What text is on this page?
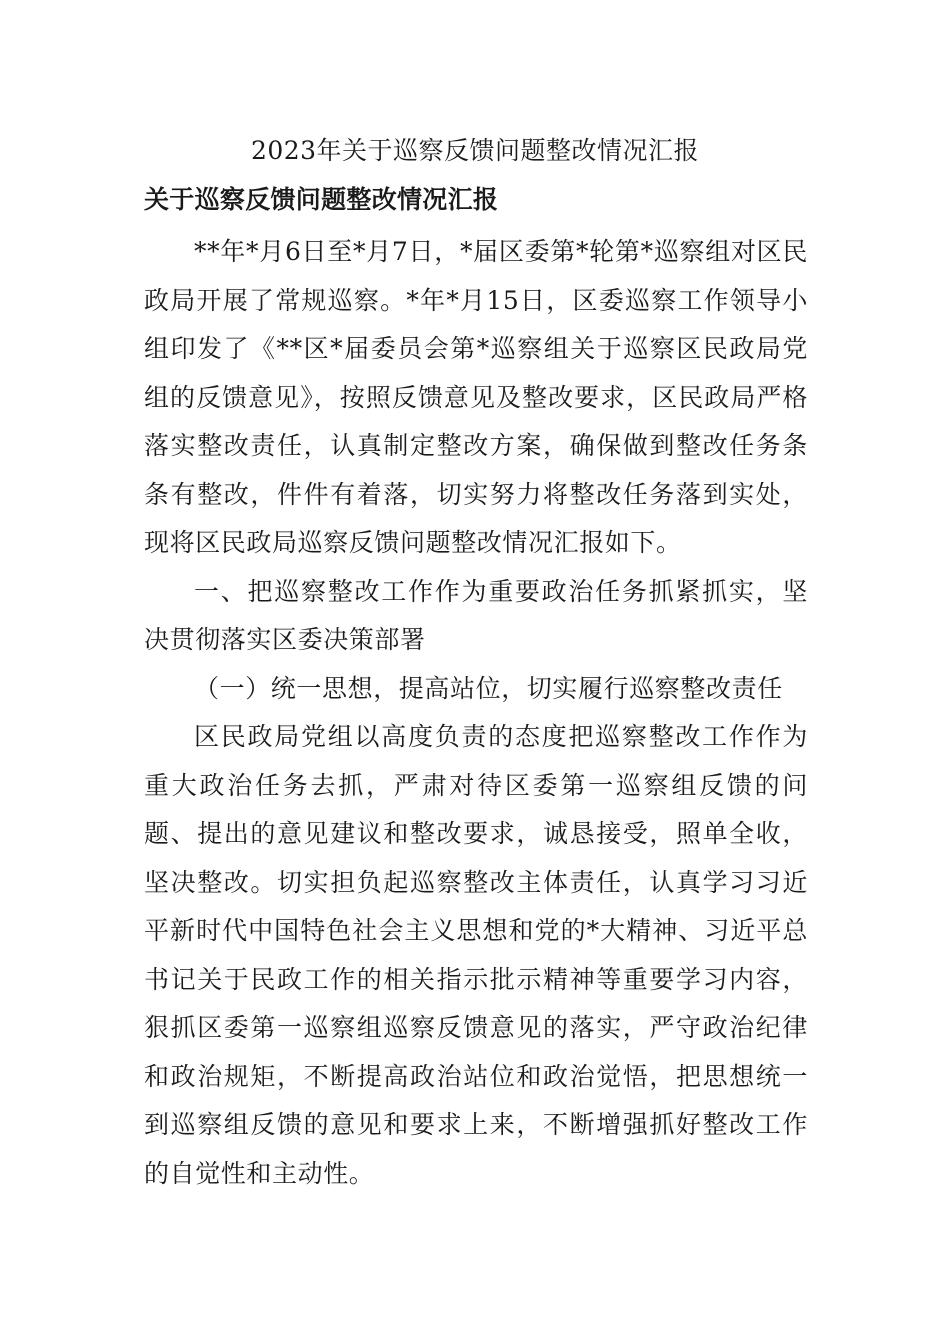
2023年关于巡察反馈问题整改情况汇报
关于巡察反馈问题整改情况汇报

**年*月6日至*月7日，*届区委第*轮第*巡察组对区民政局开展了常规巡察。*年*月15日，区委巡察工作领导小组印发了《**区*届委员会第*巡察组关于巡察区民政局党组的反馈意见》，按照反馈意见及整改要求，区民政局严格落实整改责任，认真制定整改方案，确保做到整改任务条条有整改，件件有着落，切实努力将整改任务落到实处，现将区民政局巡察反馈问题整改情况汇报如下。

一、把巡察整改工作作为重要政治任务抓紧抓实，坚决贯彻落实区委决策部署

（一）统一思想，提高站位，切实履行巡察整改责任

区民政局党组以高度负责的态度把巡察整改工作作为重大政治任务去抓，严肃对待区委第一巡察组反馈的问题、提出的意见建议和整改要求，诚恳接受，照单全收，坚决整改。切实担负起巡察整改主体责任，认真学习习近平新时代中国特色社会主义思想和党的*大精神、习近平总书记关于民政工作的相关指示批示精神等重要学习内容，狠抓区委第一巡察组巡察反馈意见的落实，严守政治纪律和政治规矩，不断提高政治站位和政治觉悟，把思想统一到巡察组反馈的意见和要求上来，不断增强抓好整改工作的自觉性和主动性。
